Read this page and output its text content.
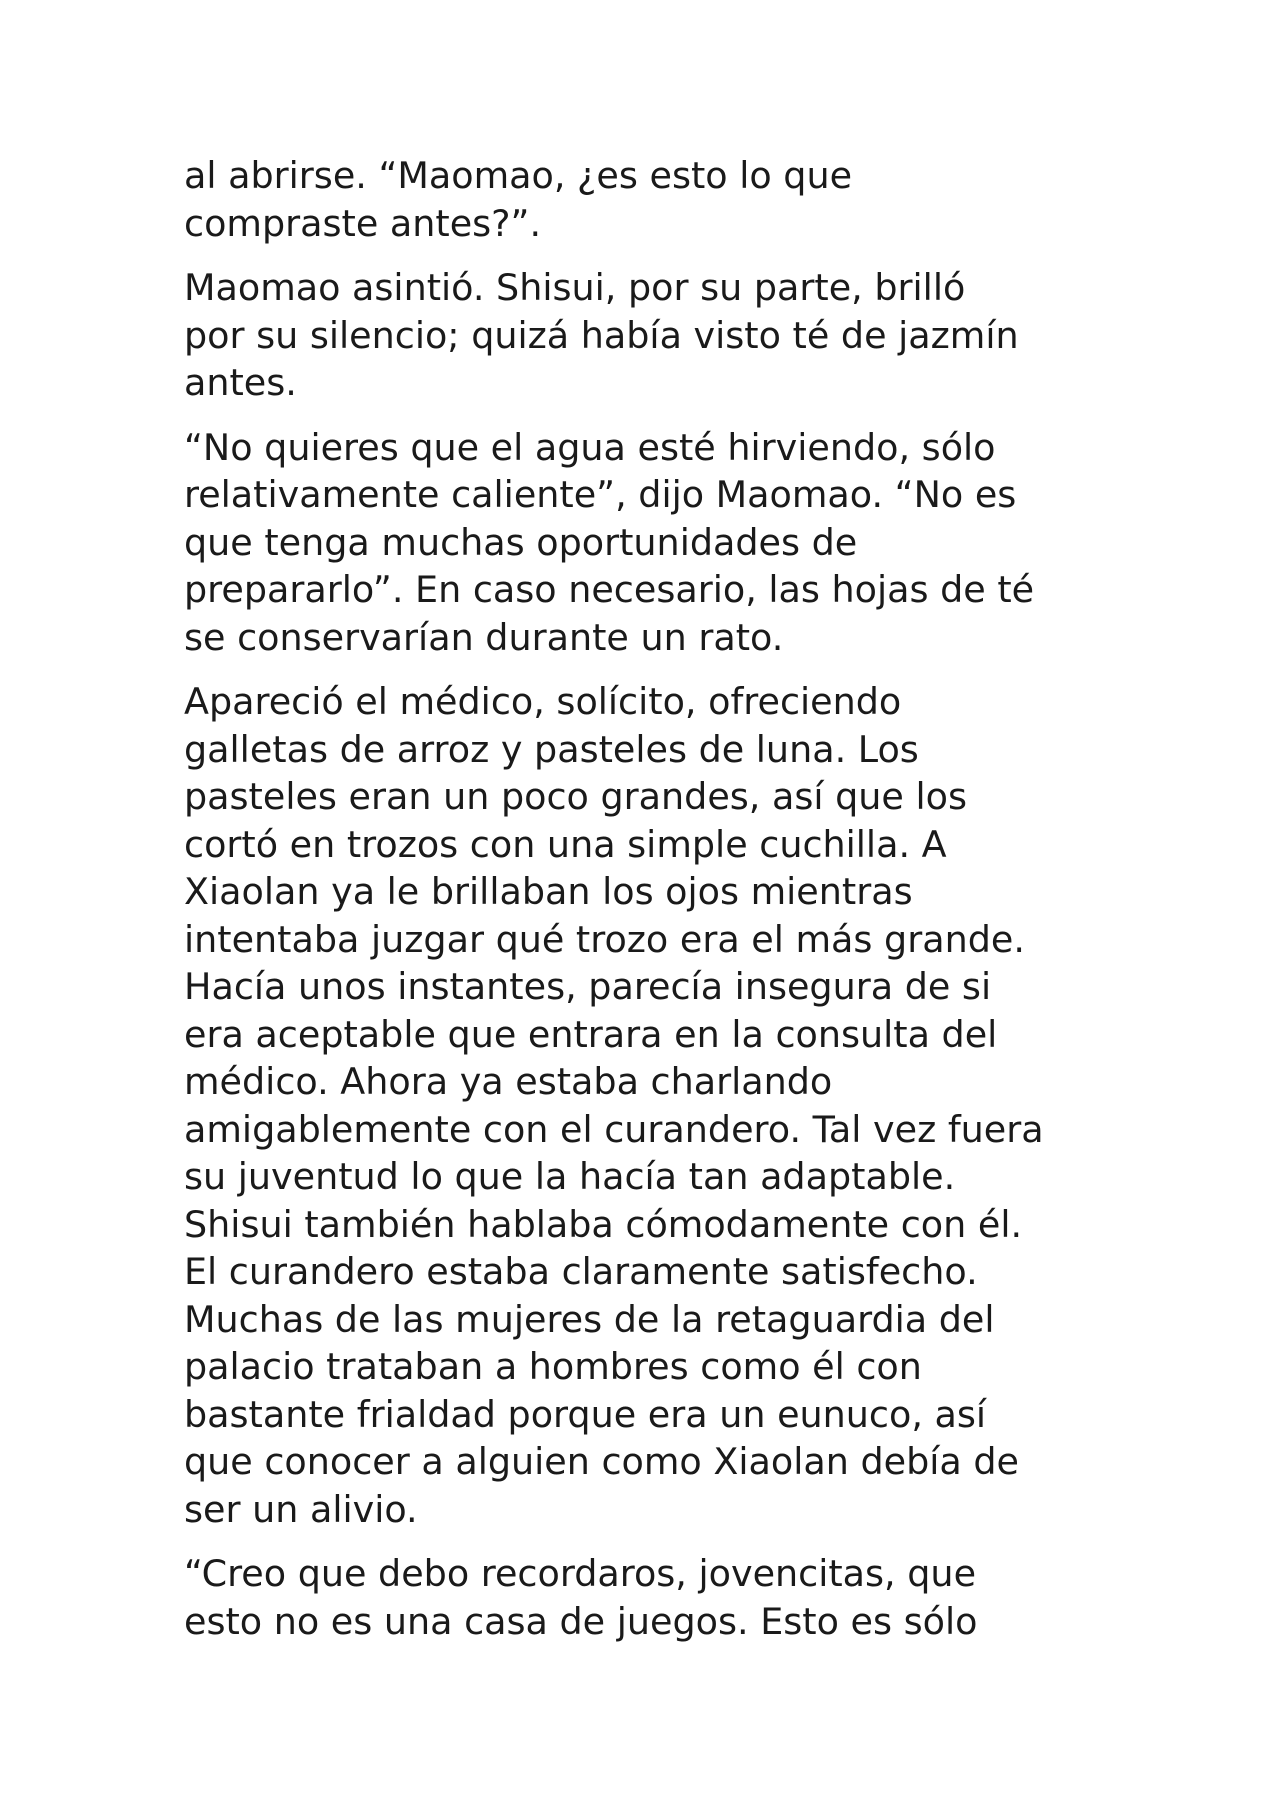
al abrirse. “Maomao, ¿es esto lo que
compraste antes?”.

Maomao asintió. Shisui, por su parte, brilló
por su silencio; quizá había visto té de jazmín
antes.

“No quieres que el agua esté hirviendo, sólo
relativamente caliente”, dijo Maomao. “No es
que tenga muchas oportunidades de
prepararlo”. En caso necesario, las hojas de té
se conservarían durante un rato.

Apareció el médico, solícito, ofreciendo
galletas de arroz y pasteles de luna. Los
pasteles eran un poco grandes, así que los
cortó en trozos con una simple cuchilla. A
Xiaolan ya le brillaban los ojos mientras
intentaba juzgar qué trozo era el más grande.
Hacía unos instantes, parecía insegura de si
era aceptable que entrara en la consulta del
médico. Ahora ya estaba charlando
amigablemente con el curandero. Tal vez fuera
su juventud lo que la hacía tan adaptable.
Shisui también hablaba cómodamente con él.
El curandero estaba claramente satisfecho.
Muchas de las mujeres de la retaguardia del
palacio trataban a hombres como él con
bastante frialdad porque era un eunuco, así
que conocer a alguien como Xiaolan debía de
ser un alivio.

“Creo que debo recordaros, jovencitas, que
esto no es una casa de juegos. Esto es sólo
